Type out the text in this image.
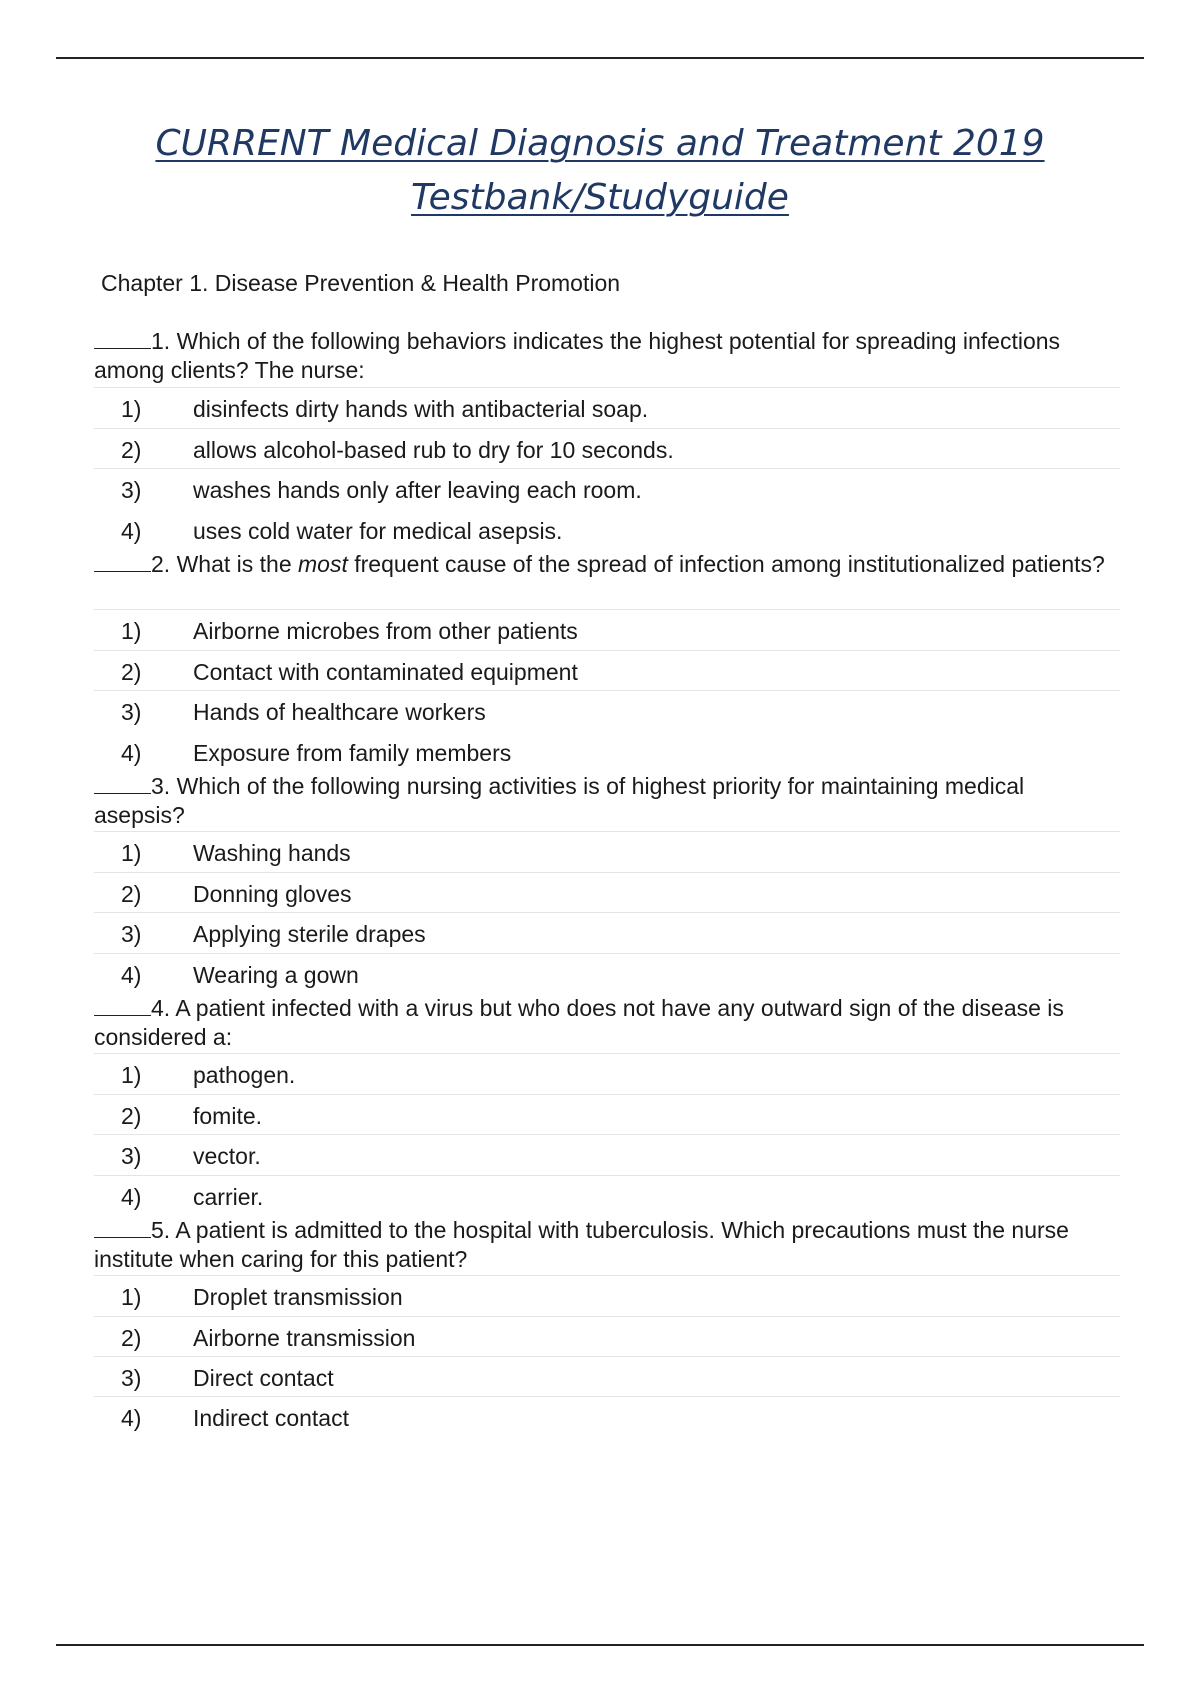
CURRENT Medical Diagnosis and Treatment 2019
Testbank/Studyguide
Chapter 1. Disease Prevention & Health Promotion
1. Which of the following behaviors indicates the highest potential for spreading infections among clients? The nurse:
1) disinfects dirty hands with antibacterial soap.
2) allows alcohol-based rub to dry for 10 seconds.
3) washes hands only after leaving each room.
4) uses cold water for medical asepsis.
2. What is the most frequent cause of the spread of infection among institutionalized patients?
1) Airborne microbes from other patients
2) Contact with contaminated equipment
3) Hands of healthcare workers
4) Exposure from family members
3. Which of the following nursing activities is of highest priority for maintaining medical asepsis?
1) Washing hands
2) Donning gloves
3) Applying sterile drapes
4) Wearing a gown
4. A patient infected with a virus but who does not have any outward sign of the disease is considered a:
1) pathogen.
2) fomite.
3) vector.
4) carrier.
5. A patient is admitted to the hospital with tuberculosis. Which precautions must the nurse institute when caring for this patient?
1) Droplet transmission
2) Airborne transmission
3) Direct contact
4) Indirect contact
